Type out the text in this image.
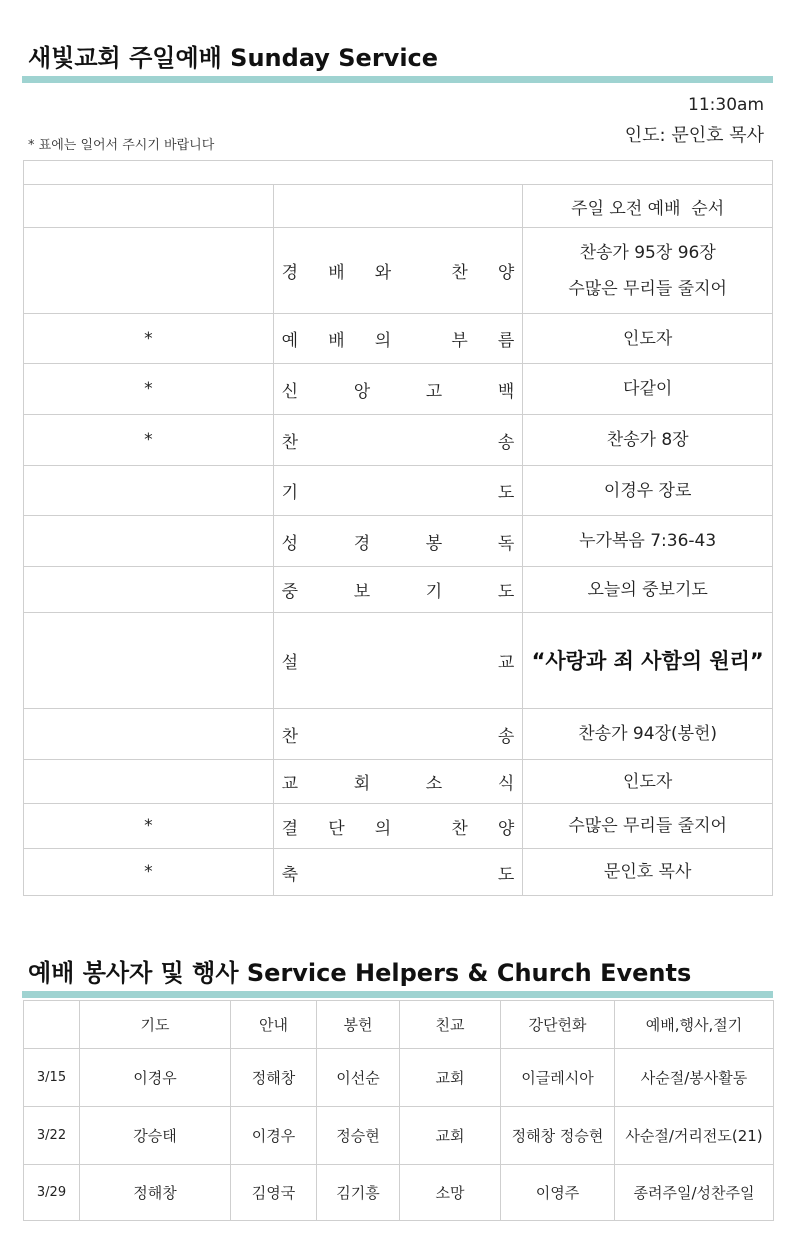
새빛교회 주일예배 Sunday Service
11:30am
인도: 문인호 목사
* 표에는 일어서 주시기 바랍니다

		주일 오전 예배  순서

	경 배 와 찬 양	찬송가 95장 96장
수많은 무리들 줄지어

*	예 배 의 부 름	인도자

*	신 앙 고 백	다같이

*	찬 송	찬송가 8장

	기 도	이경우 장로

	성 경 봉 독	누가복음 7:36-43

	중 보 기 도	오늘의 중보기도

	설 교	“사랑과 죄 사함의 원리”

	찬 송	찬송가 94장(봉헌)

	교 회 소 식	인도자

*	결 단 의 찬 양	수많은 무리들 줄지어

*	축 도	문인호 목사
예배 봉사자 및 행사 Service Helpers & Church Events
	기도	안내	봉헌	친교	강단헌화	예배,행사,절기
3/15	이경우	정해창	이선순	교회	이글레시아	사순절/봉사활동
3/22	강승태	이경우	정승현	교회	정해창 정승현	사순절/거리전도(21)
3/29	정해창	김영국	김기흥	소망	이영주	종려주일/성찬주일
